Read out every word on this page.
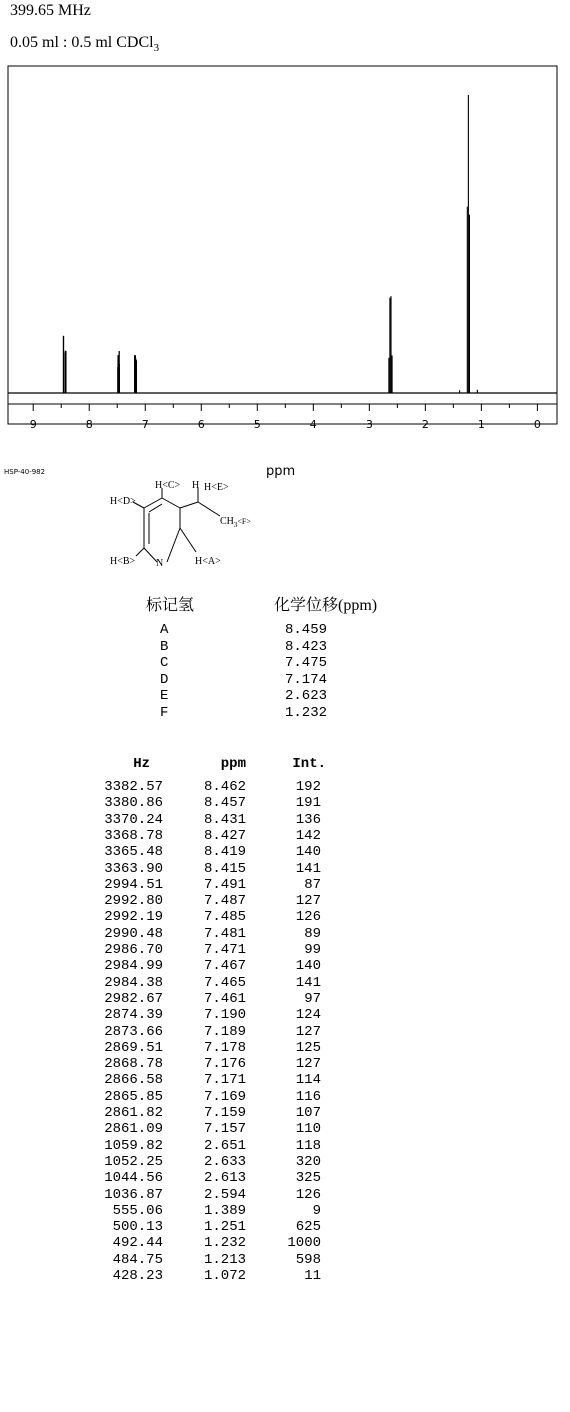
399.65 MHz
0.05 ml : 0.5 ml CDCl$_3$
9	8	7	6	5	4	3	2	1	0
HSP-40-982	ppm
H<C> H H<E>
H<D>
$CH_3^{<F>}$
H<B> N	H<A>
标记氢	化学位移(ppm)
A	8.459
B	8.423
C	7.475
D	7.174
E	2.623
F	1.232
Hz	ppm	Int.
3382.57	8.462	192
3380.86	8.457	191
3370.24	8.431	136
3368.78	8.427	142
3365.48	8.419	140
3363.90	8.415	141
2994.51	7.491	87
2992.80	7.487	127
2992.19	7.485	126
2990.48	7.481	89
2986.70	7.471	99
2984.99	7.467	140
2984.38	7.465	141
2982.67	7.461	97
2874.39	7.190	124
2873.66	7.189	127
2869.51	7.178	125
2868.78	7.176	127
2866.58	7.171	114
2865.85	7.169	116
2861.82	7.159	107
2861.09	7.157	110
1059.82	2.651	118
1052.25	2.633	320
1044.56	2.613	325
1036.87	2.594	126
555.06	1.389	9
500.13	1.251	625
492.44	1.232	1000
484.75	1.213	598
428.23	1.072	11
